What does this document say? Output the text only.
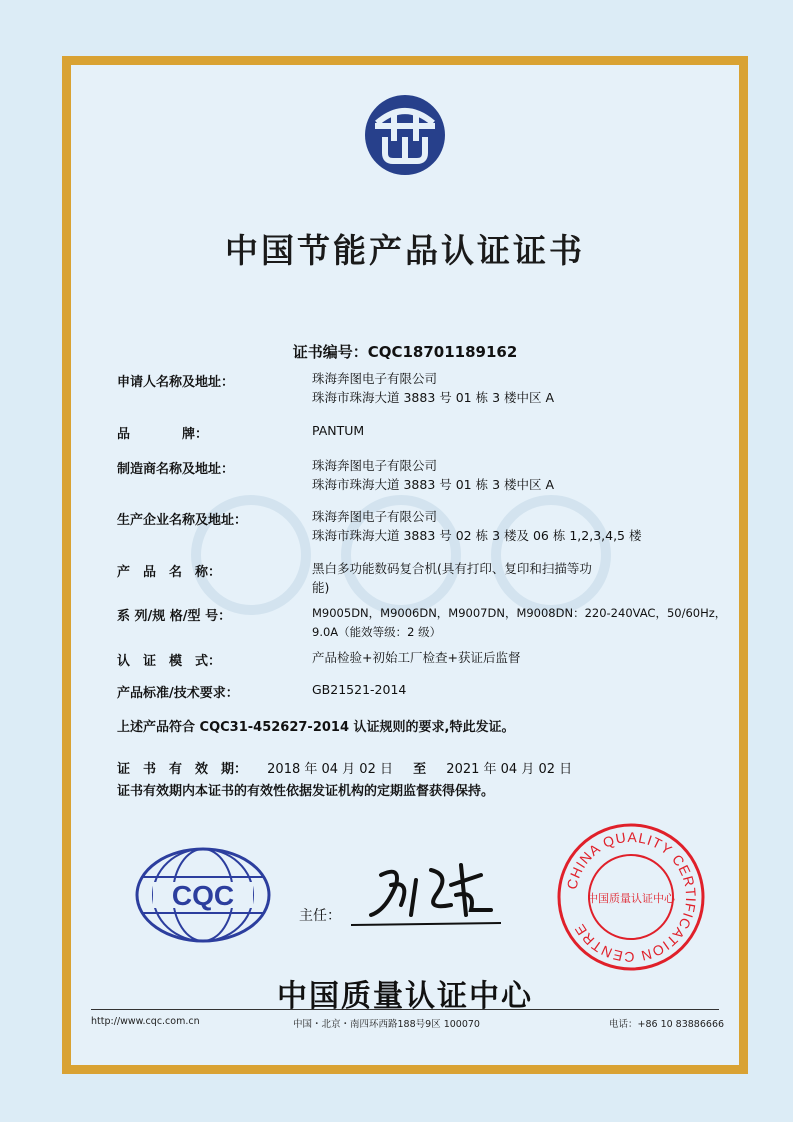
中国节能产品认证证书
证书编号：CQC18701189162
申请人名称及地址：	珠海奔图电子有限公司
珠海市珠海大道 3883 号 01 栋 3 楼中区 A
品　　　　牌：	PANTUM
制造商名称及地址：	珠海奔图电子有限公司
珠海市珠海大道 3883 号 01 栋 3 楼中区 A
生产企业名称及地址：	珠海奔图电子有限公司
珠海市珠海大道 3883 号 02 栋 3 楼及 06 栋 1,2,3,4,5 楼
产　品　名　称：	黑白多功能数码复合机(具有打印、复印和扫描等功
能)
系 列/规 格/型 号：	M9005DN，M9006DN，M9007DN，M9008DN：220-240VAC，50/60Hz，
9.0A（能效等级：2 级）
认　证　模　式：	产品检验+初始工厂检查+获证后监督
产品标准/技术要求：	GB21521-2014
上述产品符合 CQC31-452627-2014 认证规则的要求,特此发证。
证　书　有　效　期： 2018 年 04 月 02 日 至 2021 年 04 月 02 日
证书有效期内本证书的有效性依据发证机构的定期监督获得保持。
CQC
主任：
CHINA QUALITY CERTIFICATION CENTRE
中国质量认证中心
中国质量认证中心
http://www.cqc.com.cn	中国・北京・南四环西路188号9区 100070	电话：+86 10 83886666
